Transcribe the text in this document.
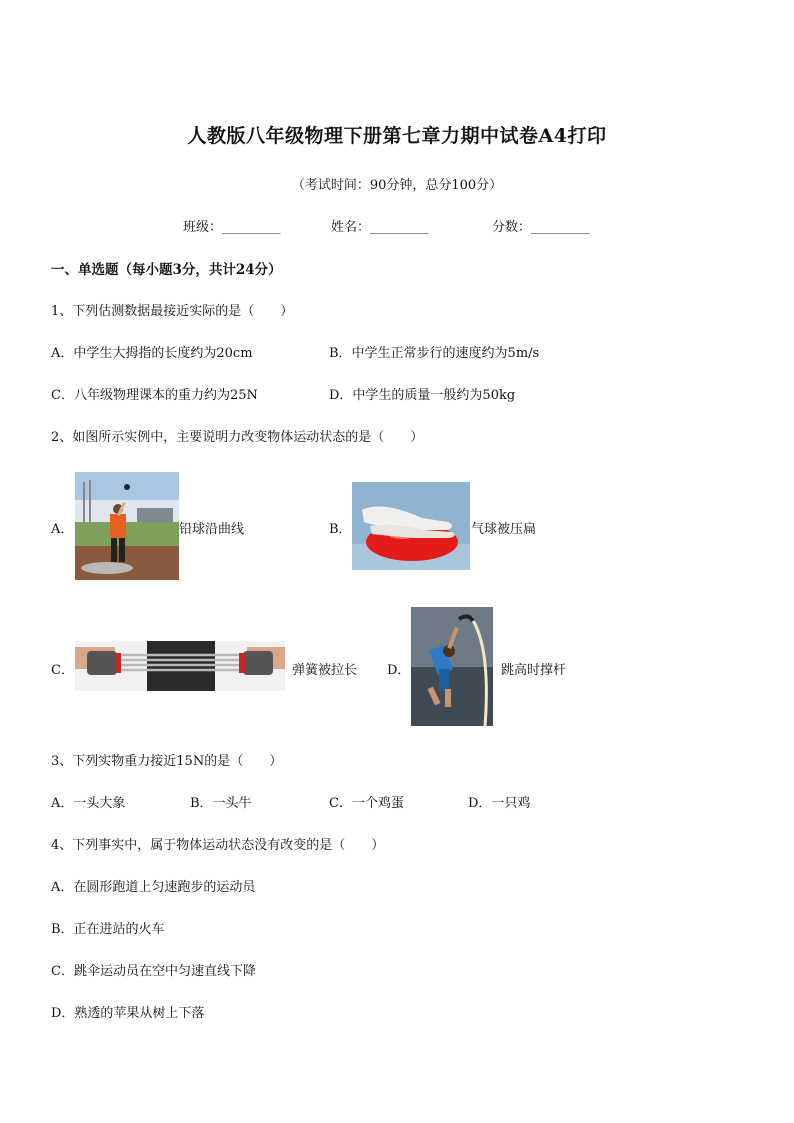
人教版八年级物理下册第七章力期中试卷A4打印
（考试时间：90分钟，总分100分）
班级：_________	姓名：_________	分数：_________
一、单选题（每小题3分，共计24分）
1、下列估测数据最接近实际的是（　　）
A．中学生大拇指的长度约为20cm	B．中学生正常步行的速度约为5m/s
C．八年级物理课本的重力约为25N	D．中学生的质量一般约为50kg
2、如图所示实例中，主要说明力改变物体运动状态的是（　　）
A．	铅球沿曲线	B．	气球被压扁
C．	弹簧被拉长 D．	跳高时撑杆
3、下列实物重力接近15N的是（　　）
A．一头大象	B．一头牛	C．一个鸡蛋	D．一只鸡
4、下列事实中，属于物体运动状态没有改变的是（　　）
A．在圆形跑道上匀速跑步的运动员
B．正在进站的火车
C．跳伞运动员在空中匀速直线下降
D．熟透的苹果从树上下落
